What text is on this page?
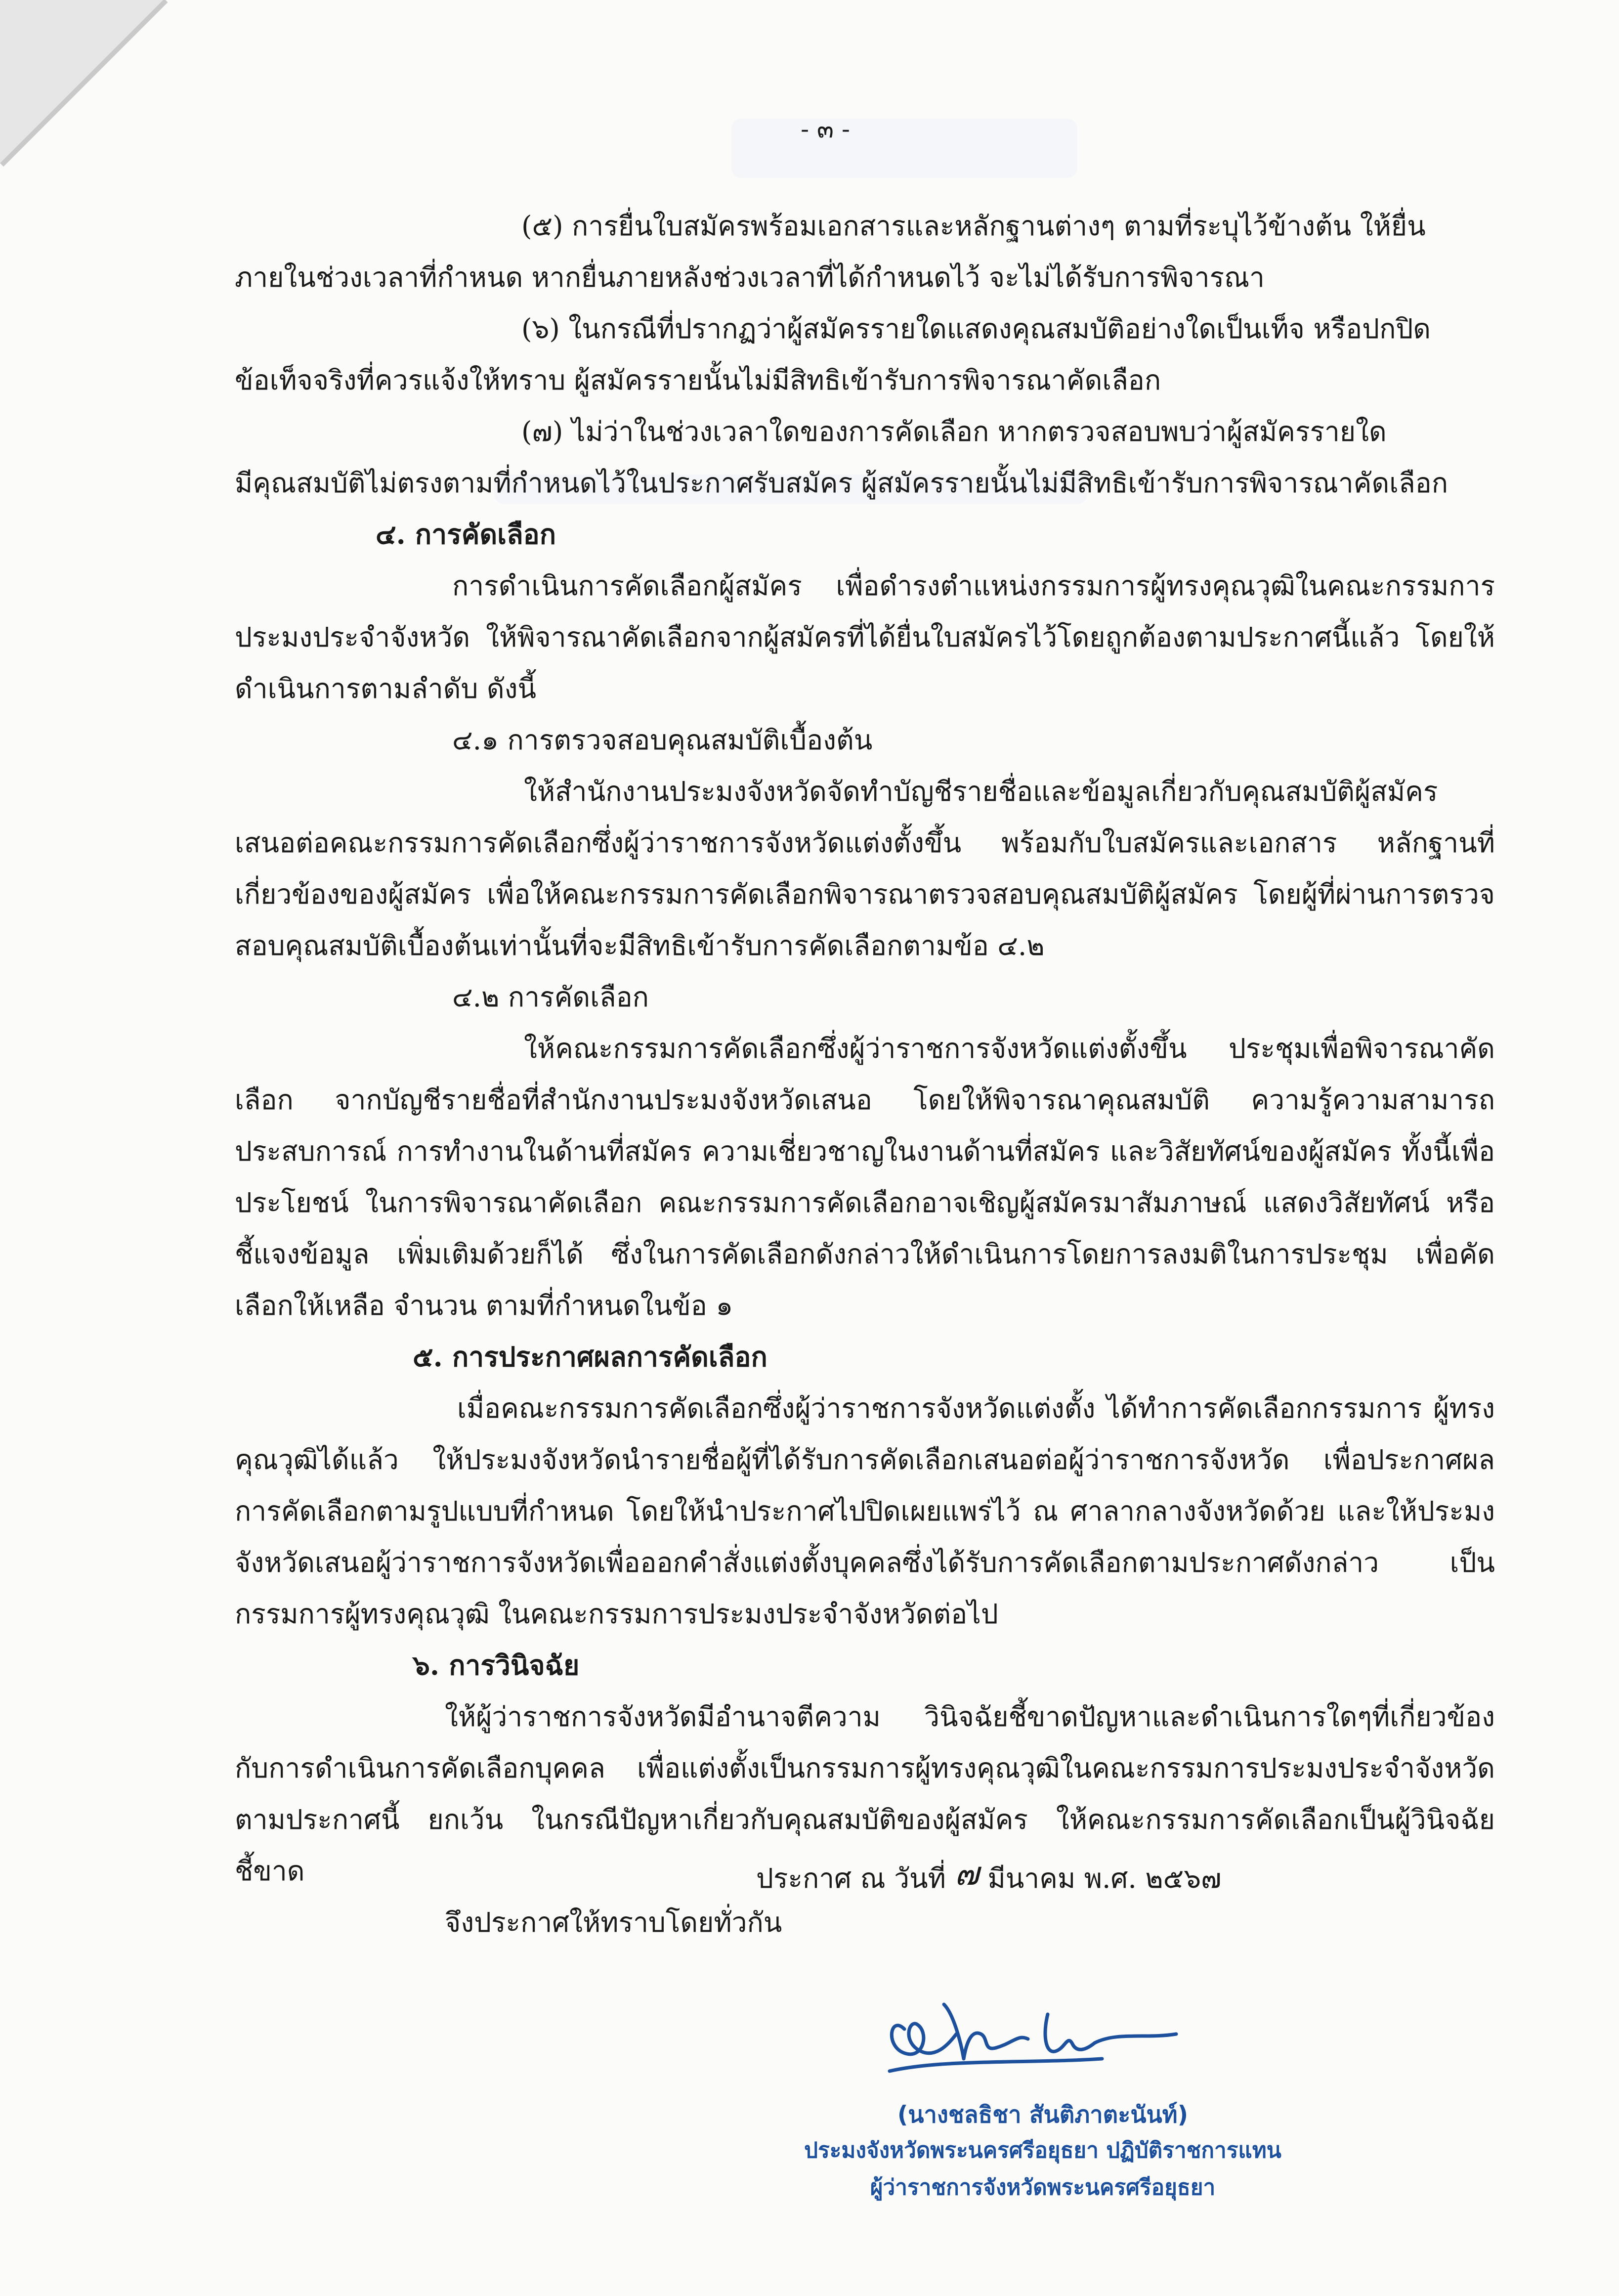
- ๓ -

(๕) การยื่นใบสมัครพร้อมเอกสารและหลักฐานต่างๆ ตามที่ระบุไว้ข้างต้น ให้ยื่น

ภายในช่วงเวลาที่กำหนด หากยื่นภายหลังช่วงเวลาที่ได้กำหนดไว้ จะไม่ได้รับการพิจารณา

(๖) ในกรณีที่ปรากฏว่าผู้สมัครรายใดแสดงคุณสมบัติอย่างใดเป็นเท็จ หรือปกปิด

ข้อเท็จจริงที่ควรแจ้งให้ทราบ ผู้สมัครรายนั้นไม่มีสิทธิเข้ารับการพิจารณาคัดเลือก

(๗) ไม่ว่าในช่วงเวลาใดของการคัดเลือก หากตรวจสอบพบว่าผู้สมัครรายใด

มีคุณสมบัติไม่ตรงตามที่กำหนดไว้ในประกาศรับสมัคร ผู้สมัครรายนั้นไม่มีสิทธิเข้ารับการพิจารณาคัดเลือก

๔. การคัดเลือก

การดำเนินการคัดเลือกผู้สมัคร เพื่อดำรงตำแหน่งกรรมการผู้ทรงคุณวุฒิในคณะกรรมการประมงประจำจังหวัด ให้พิจารณาคัดเลือกจากผู้สมัครที่ได้ยื่นใบสมัครไว้โดยถูกต้องตามประกาศนี้แล้ว โดยให้ดำเนินการตามลำดับ ดังนี้

๔.๑ การตรวจสอบคุณสมบัติเบื้องต้น

ให้สำนักงานประมงจังหวัดจัดทำบัญชีรายชื่อและข้อมูลเกี่ยวกับคุณสมบัติผู้สมัคร เสนอต่อคณะกรรมการคัดเลือกซึ่งผู้ว่าราชการจังหวัดแต่งตั้งขึ้น พร้อมกับใบสมัครและเอกสาร หลักฐานที่เกี่ยวข้องของผู้สมัคร เพื่อให้คณะกรรมการคัดเลือกพิจารณาตรวจสอบคุณสมบัติผู้สมัคร โดยผู้ที่ผ่านการตรวจสอบคุณสมบัติเบื้องต้นเท่านั้นที่จะมีสิทธิเข้ารับการคัดเลือกตามข้อ ๔.๒

๔.๒ การคัดเลือก

ให้คณะกรรมการคัดเลือกซึ่งผู้ว่าราชการจังหวัดแต่งตั้งขึ้น ประชุมเพื่อพิจารณาคัดเลือก จากบัญชีรายชื่อที่สำนักงานประมงจังหวัดเสนอ โดยให้พิจารณาคุณสมบัติ ความรู้ความสามารถ ประสบการณ์ การทำงานในด้านที่สมัคร ความเชี่ยวชาญในงานด้านที่สมัคร และวิสัยทัศน์ของผู้สมัคร ทั้งนี้เพื่อประโยชน์ ในการพิจารณาคัดเลือก คณะกรรมการคัดเลือกอาจเชิญผู้สมัครมาสัมภาษณ์ แสดงวิสัยทัศน์ หรือชี้แจงข้อมูล เพิ่มเติมด้วยก็ได้ ซึ่งในการคัดเลือกดังกล่าวให้ดำเนินการโดยการลงมติในการประชุม เพื่อคัดเลือกให้เหลือ จำนวน ตามที่กำหนดในข้อ ๑

๕. การประกาศผลการคัดเลือก

เมื่อคณะกรรมการคัดเลือกซึ่งผู้ว่าราชการจังหวัดแต่งตั้ง ได้ทำการคัดเลือกกรรมการ ผู้ทรงคุณวุฒิได้แล้ว ให้ประมงจังหวัดนำรายชื่อผู้ที่ได้รับการคัดเลือกเสนอต่อผู้ว่าราชการจังหวัด เพื่อประกาศผล การคัดเลือกตามรูปแบบที่กำหนด โดยให้นำประกาศไปปิดเผยแพร่ไว้ ณ ศาลากลางจังหวัดด้วย และให้ประมง จังหวัดเสนอผู้ว่าราชการจังหวัดเพื่อออกคำสั่งแต่งตั้งบุคคลซึ่งได้รับการคัดเลือกตามประกาศดังกล่าว เป็นกรรมการผู้ทรงคุณวุฒิ ในคณะกรรมการประมงประจำจังหวัดต่อไป

๖. การวินิจฉัย

ให้ผู้ว่าราชการจังหวัดมีอำนาจตีความ วินิจฉัยชี้ขาดปัญหาและดำเนินการใดๆที่เกี่ยวข้อง กับการดำเนินการคัดเลือกบุคคล เพื่อแต่งตั้งเป็นกรรมการผู้ทรงคุณวุฒิในคณะกรรมการประมงประจำจังหวัด ตามประกาศนี้ ยกเว้น ในกรณีปัญหาเกี่ยวกับคุณสมบัติของผู้สมัคร ให้คณะกรรมการคัดเลือกเป็นผู้วินิจฉัยชี้ขาด

จึงประกาศให้ทราบโดยทั่วกัน

ประกาศ ณ วันที่ ๗ มีนาคม พ.ศ. ๒๕๖๗
(นางชลธิชา สันติภาตะนันท์)
ประมงจังหวัดพระนครศรีอยุธยา ปฏิบัติราชการแทน
ผู้ว่าราชการจังหวัดพระนครศรีอยุธยา
